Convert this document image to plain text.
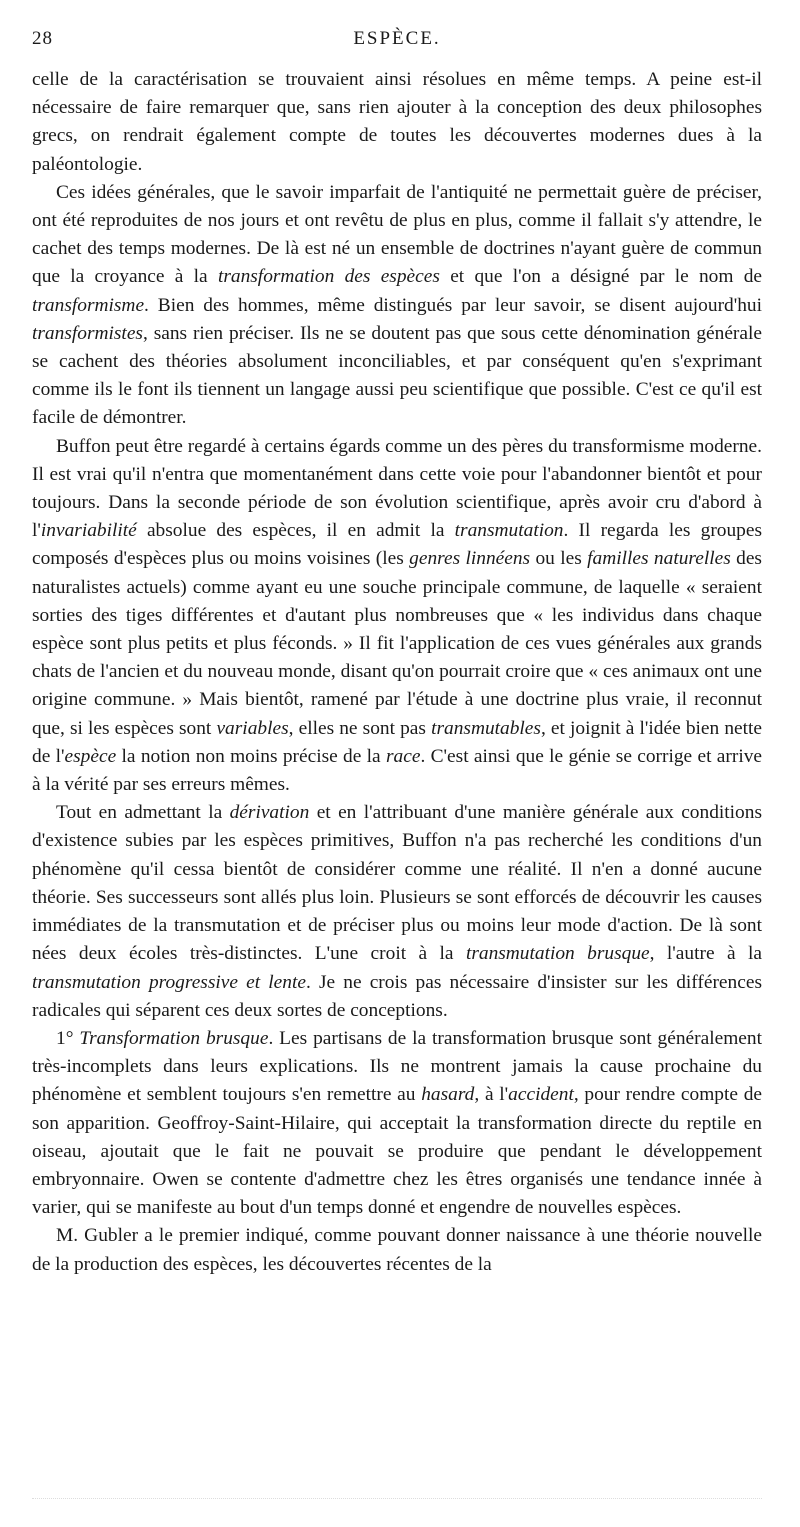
28	ESPÈCE.

celle de la caractérisation se trouvaient ainsi résolues en même temps. A peine est-il nécessaire de faire remarquer que, sans rien ajouter à la conception des deux philosophes grecs, on rendrait également compte de toutes les découvertes modernes dues à la paléontologie.

Ces idées générales, que le savoir imparfait de l'antiquité ne permettait guère de préciser, ont été reproduites de nos jours et ont revêtu de plus en plus, comme il fallait s'y attendre, le cachet des temps modernes. De là est né un ensemble de doctrines n'ayant guère de commun que la croyance à la transformation des espèces et que l'on a désigné par le nom de transformisme. Bien des hommes, même distingués par leur savoir, se disent aujourd'hui transformistes, sans rien préciser. Ils ne se doutent pas que sous cette dénomination générale se cachent des théories absolument inconciliables, et par conséquent qu'en s'exprimant comme ils le font ils tiennent un langage aussi peu scientifique que possible. C'est ce qu'il est facile de démontrer.

Buffon peut être regardé à certains égards comme un des pères du transformisme moderne. Il est vrai qu'il n'entra que momentanément dans cette voie pour l'abandonner bientôt et pour toujours. Dans la seconde période de son évolution scientifique, après avoir cru d'abord à l'invariabilité absolue des espèces, il en admit la transmutation. Il regarda les groupes composés d'espèces plus ou moins voisines (les genres linnéens ou les familles naturelles des naturalistes actuels) comme ayant eu une souche principale commune, de laquelle « seraient sorties des tiges différentes et d'autant plus nombreuses que « les individus dans chaque espèce sont plus petits et plus féconds. » Il fit l'application de ces vues générales aux grands chats de l'ancien et du nouveau monde, disant qu'on pourrait croire que « ces animaux ont une origine commune. » Mais bientôt, ramené par l'étude à une doctrine plus vraie, il reconnut que, si les espèces sont variables, elles ne sont pas transmutables, et joignit à l'idée bien nette de l'espèce la notion non moins précise de la race. C'est ainsi que le génie se corrige et arrive à la vérité par ses erreurs mêmes.

Tout en admettant la dérivation et en l'attribuant d'une manière générale aux conditions d'existence subies par les espèces primitives, Buffon n'a pas recherché les conditions d'un phénomène qu'il cessa bientôt de considérer comme une réalité. Il n'en a donné aucune théorie. Ses successeurs sont allés plus loin. Plusieurs se sont efforcés de découvrir les causes immédiates de la transmutation et de préciser plus ou moins leur mode d'action. De là sont nées deux écoles très-distinctes. L'une croit à la transmutation brusque, l'autre à la transmutation progressive et lente. Je ne crois pas nécessaire d'insister sur les différences radicales qui séparent ces deux sortes de conceptions.

1° Transformation brusque. Les partisans de la transformation brusque sont généralement très-incomplets dans leurs explications. Ils ne montrent jamais la cause prochaine du phénomène et semblent toujours s'en remettre au hasard, à l'accident, pour rendre compte de son apparition. Geoffroy-Saint-Hilaire, qui acceptait la transformation directe du reptile en oiseau, ajoutait que le fait ne pouvait se produire que pendant le développement embryonnaire. Owen se contente d'admettre chez les êtres organisés une tendance innée à varier, qui se manifeste au bout d'un temps donné et engendre de nouvelles espèces.

M. Gubler a le premier indiqué, comme pouvant donner naissance à une théorie nouvelle de la production des espèces, les découvertes récentes de la
